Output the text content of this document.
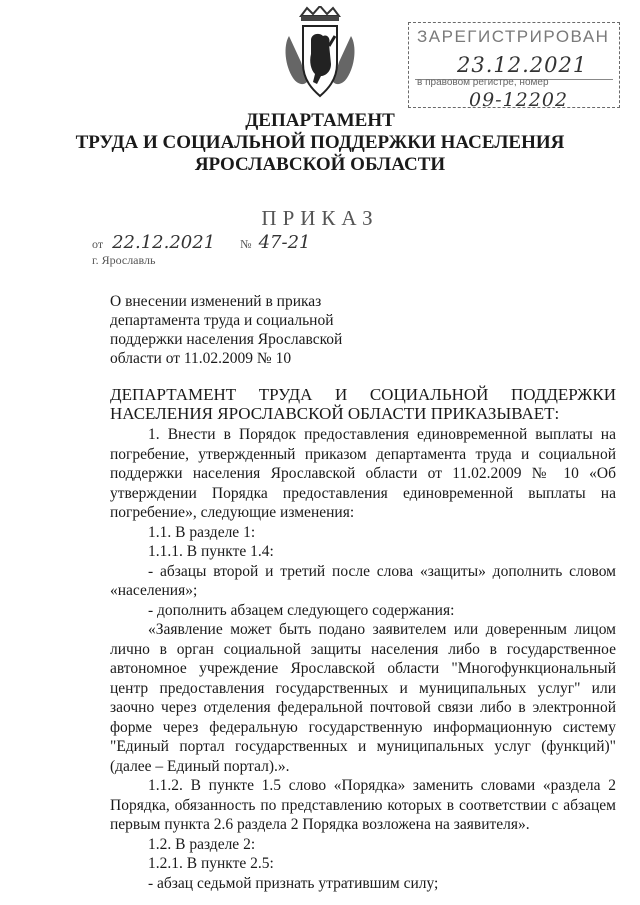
ЗАРЕГИСТРИРОВАН
23.12.2021
в правовом регистре, номер
09-12202
ДЕПАРТАМЕНТ
ТРУДА И СОЦИАЛЬНОЙ ПОДДЕРЖКИ НАСЕЛЕНИЯ
ЯРОСЛАВСКОЙ ОБЛАСТИ
ПРИКАЗ
от 22.12.2021 № 47-21
г. Ярославль
О внесении изменений в приказ
департамента труда и социальной
поддержки населения Ярославской
области от 11.02.2009 № 10
ДЕПАРТАМЕНТ ТРУДА И СОЦИАЛЬНОЙ ПОДДЕРЖКИ НАСЕЛЕНИЯ ЯРОСЛАВСКОЙ ОБЛАСТИ ПРИКАЗЫВАЕТ:

1. Внести в Порядок предоставления единовременной выплаты на погребение, утвержденный приказом департамента труда и социальной поддержки населения Ярославской области от 11.02.2009 № 10 «Об утверждении Порядка предоставления единовременной выплаты на погребение», следующие изменения:

1.1. В разделе 1:

1.1.1. В пункте 1.4:

- абзацы второй и третий после слова «защиты» дополнить словом «населения»;

- дополнить абзацем следующего содержания:

«Заявление может быть подано заявителем или доверенным лицом лично в орган социальной защиты населения либо в государственное автономное учреждение Ярославской области "Многофункциональный центр предоставления государственных и муниципальных услуг" или заочно через отделения федеральной почтовой связи либо в электронной форме через федеральную государственную информационную систему "Единый портал государственных и муниципальных услуг (функций)" (далее – Единый портал).».

1.1.2. В пункте 1.5 слово «Порядка» заменить словами «раздела 2 Порядка, обязанность по представлению которых в соответствии с абзацем первым пункта 2.6 раздела 2 Порядка возложена на заявителя».

1.2. В разделе 2:

1.2.1. В пункте 2.5:

- абзац седьмой признать утратившим силу;
